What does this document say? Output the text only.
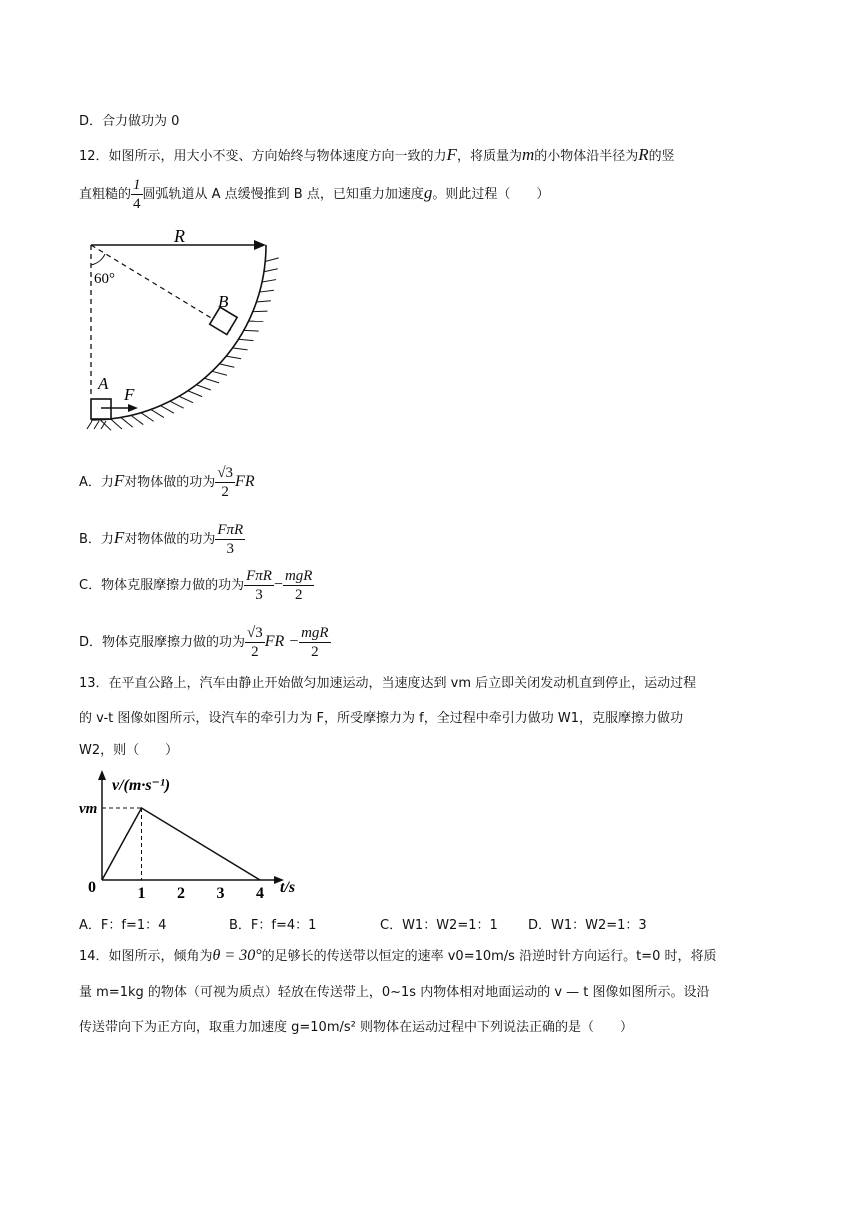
D．合力做功为 0
12．如图所示，用大小不变、方向始终与物体速度方向一致的力F，将质量为m的小物体沿半径为R的竖
直粗糙的 $\frac{1}{4}$ 圆弧轨道从 A 点缓慢推到 B 点，已知重力加速度g。则此过程（　　）
R
60°
B
A
F
A．力F对物体做的功为 $\frac{√3}{2}$ FR
B．力F对物体做的功为 $\frac{\text{FπR}}{3}$
C．物体克服摩擦力做的功为 $\frac{\text{FπR}}{3} - \frac{\text{mgR}}{2}$
D．物体克服摩擦力做的功为 $\frac{√3}{2}$ FR − $\frac{\text{mgR}}{2}$
13．在平直公路上，汽车由静止开始做匀加速运动，当速度达到 vm 后立即关闭发动机直到停止，运动过程
的 v-t 图像如图所示，设汽车的牵引力为 F，所受摩擦力为 f，全过程中牵引力做功 W1，克服摩擦力做功
W2，则（　　）
v/(m·s⁻¹)
t/s
0
vm
1 2 3 4
A．F：f=1：4	B．F：f=4：1	C．W1：W2=1：1 D．W1：W2=1：3
14．如图所示，倾角为θ = 30°的足够长的传送带以恒定的速率 v0=10m/s 沿逆时针方向运行。t=0 时，将质
量 m=1kg 的物体（可视为质点）轻放在传送带上，0~1s 内物体相对地面运动的 v — t 图像如图所示。设沿
传送带向下为正方向，取重力加速度 g=10m/s² 则物体在运动过程中下列说法正确的是（　　）
